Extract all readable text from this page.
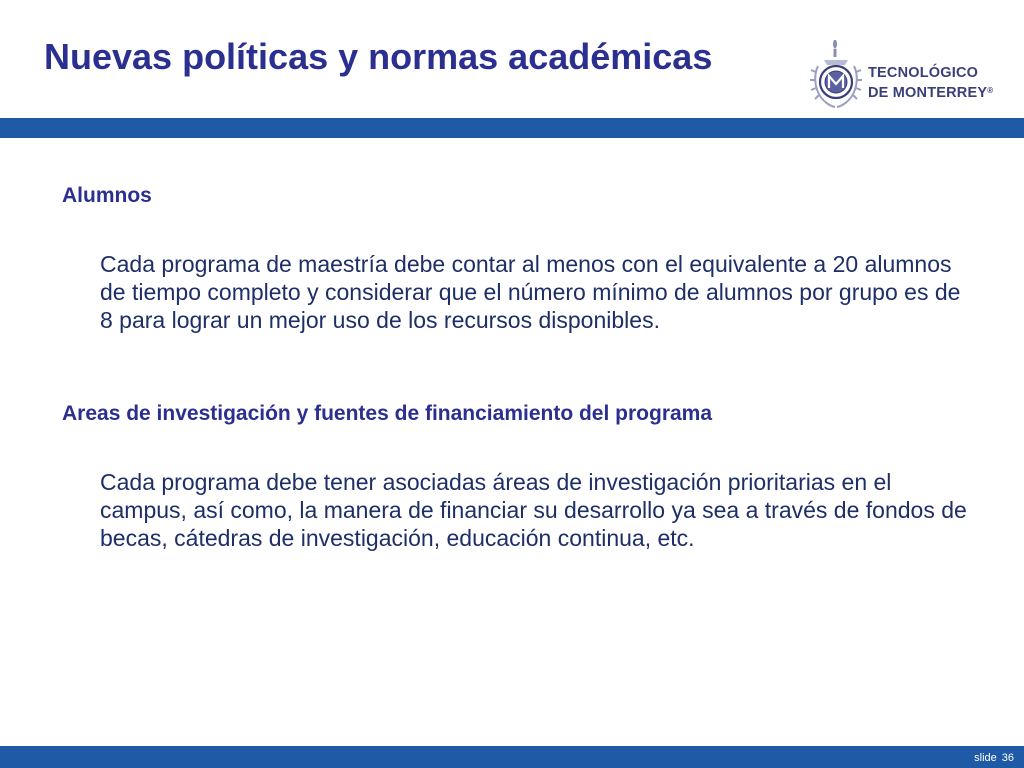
Nuevas políticas y normas académicas	TECNOLÓGICO
DE MONTERREY®
Alumnos

Cada programa de maestría debe contar al menos con el equivalente a 20 alumnos de tiempo completo y considerar que el número mínimo de alumnos por grupo es de 8 para lograr un mejor uso de los recursos disponibles.

Areas de investigación y fuentes de financiamiento del programa

Cada programa debe tener asociadas áreas de investigación prioritarias en el campus, así como, la manera de financiar su desarrollo ya sea a través de fondos de becas, cátedras de investigación, educación continua, etc.

slide 36
